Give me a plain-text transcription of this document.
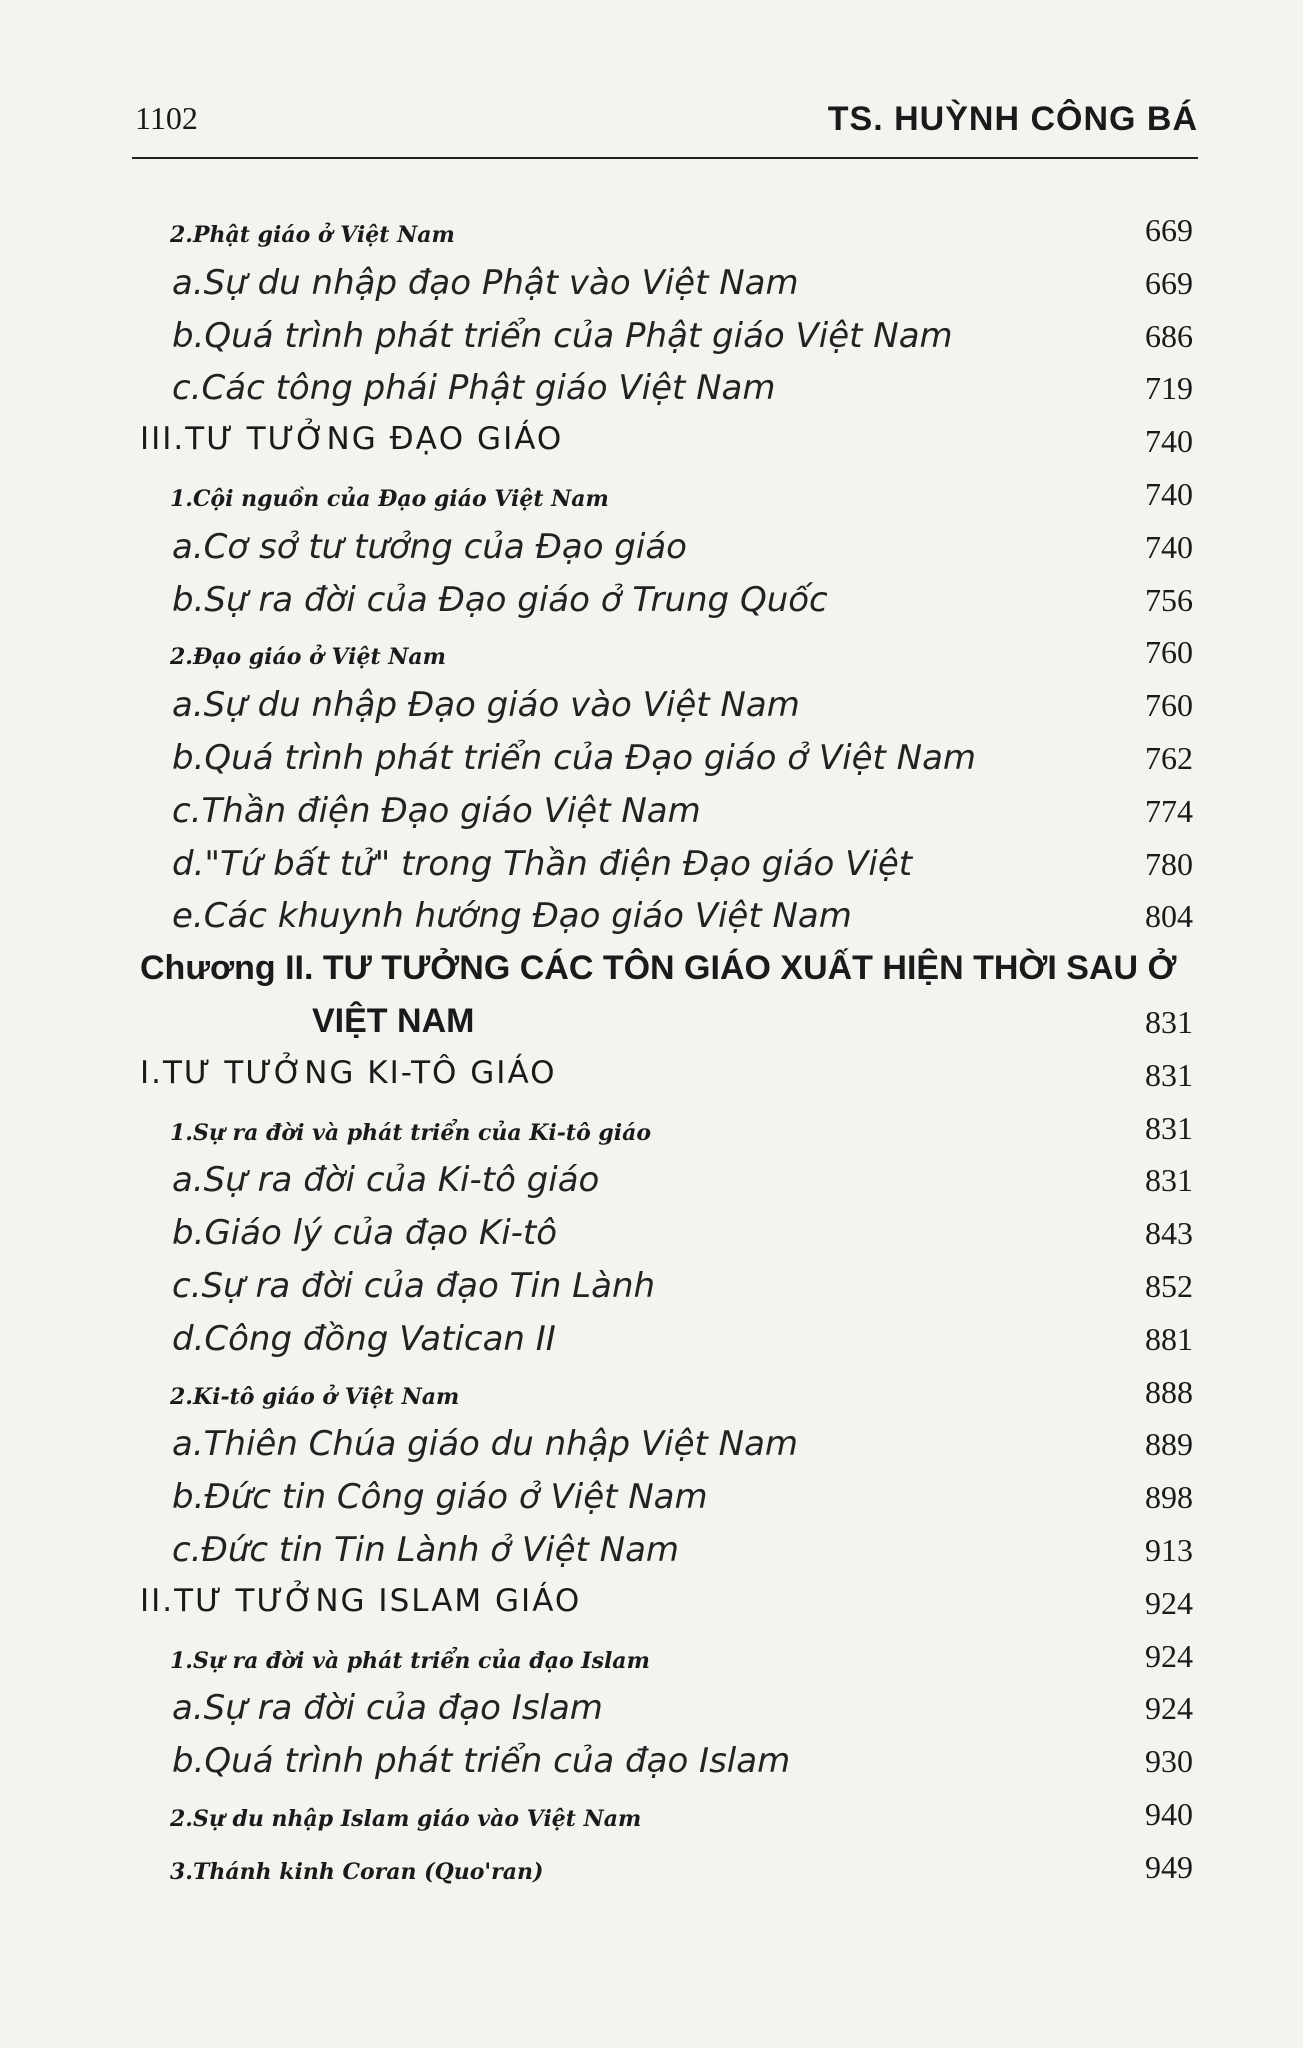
1102	TS. HUỲNH CÔNG BÁ
2.Phật giáo ở Việt Nam	669
a.Sự du nhập đạo Phật vào Việt Nam	669
b.Quá trình phát triển của Phật giáo Việt Nam	686
c.Các tông phái Phật giáo Việt Nam	719
III.TƯ TƯỞNG ĐẠO GIÁO	740
1.Cội nguồn của Đạo giáo Việt Nam	740
a.Cơ sở tư tưởng của Đạo giáo	740
b.Sự ra đời của Đạo giáo ở Trung Quốc	756
2.Đạo giáo ở Việt Nam	760
a.Sự du nhập Đạo giáo vào Việt Nam	760
b.Quá trình phát triển của Đạo giáo ở Việt Nam	762
c.Thần điện Đạo giáo Việt Nam	774
d."Tứ bất tử" trong Thần điện Đạo giáo Việt	780
e.Các khuynh hướng Đạo giáo Việt Nam	804
Chương II. TƯ TƯỞNG CÁC TÔN GIÁO XUẤT HIỆN THỜI SAU Ở
VIỆT NAM	831
I.TƯ TƯỞNG KI-TÔ GIÁO	831
1.Sự ra đời và phát triển của Ki-tô giáo	831
a.Sự ra đời của Ki-tô giáo	831
b.Giáo lý của đạo Ki-tô	843
c.Sự ra đời của đạo Tin Lành	852
d.Công đồng Vatican II	881
2.Ki-tô giáo ở Việt Nam	888
a.Thiên Chúa giáo du nhập Việt Nam	889
b.Đức tin Công giáo ở Việt Nam	898
c.Đức tin Tin Lành ở Việt Nam	913
II.TƯ TƯỞNG ISLAM GIÁO	924
1.Sự ra đời và phát triển của đạo Islam	924
a.Sự ra đời của đạo Islam	924
b.Quá trình phát triển của đạo Islam	930
2.Sự du nhập Islam giáo vào Việt Nam	940
3.Thánh kinh Coran (Quo'ran)	949
